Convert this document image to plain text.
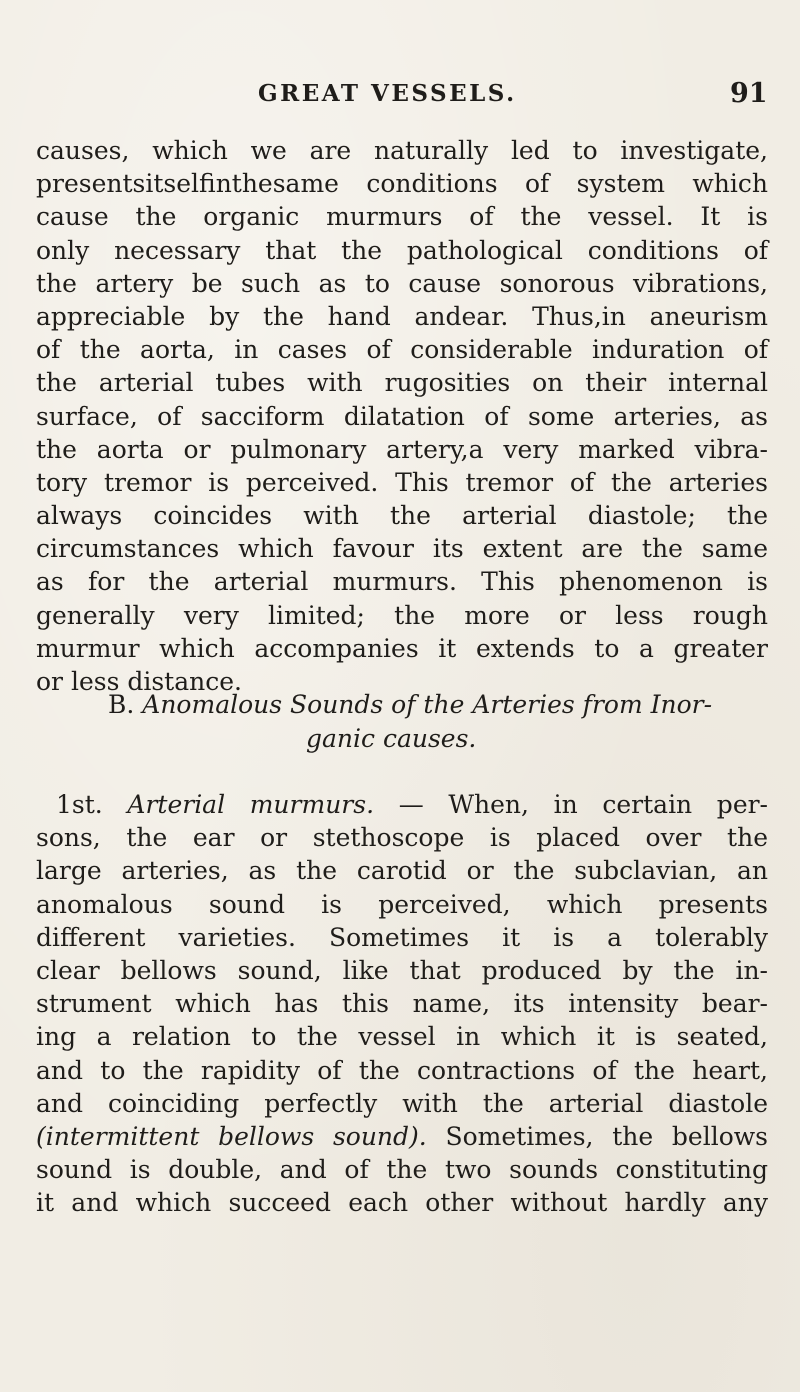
GREAT VESSELS.	91
causes, which we are naturally led to investigate,
presentsitselfinthesame conditions of system which
cause the organic murmurs of the vessel. It is
only necessary that the pathological conditions of
the artery be such as to cause sonorous vibrations,
appreciable by the hand andear. Thus,in aneurism
of the aorta, in cases of considerable induration of
the arterial tubes with rugosities on their internal
surface, of sacciform dilatation of some arteries, as
the aorta or pulmonary artery,a very marked vibra-
tory tremor is perceived. This tremor of the arteries
always coincides with the arterial diastole; the
circumstances which favour its extent are the same
as for the arterial murmurs. This phenomenon is
generally very limited; the more or less rough
murmur which accompanies it extends to a greater
or less distance.
B. Anomalous Sounds of the Arteries from Inor-
ganic causes.
1st. Arterial murmurs. — When, in certain per-
sons, the ear or stethoscope is placed over the
large arteries, as the carotid or the subclavian, an
anomalous sound is perceived, which presents
different varieties. Sometimes it is a tolerably
clear bellows sound, like that produced by the in-
strument which has this name, its intensity bear-
ing a relation to the vessel in which it is seated,
and to the rapidity of the contractions of the heart,
and coinciding perfectly with the arterial diastole
(intermittent bellows sound). Sometimes, the bellows
sound is double, and of the two sounds constituting
it and which succeed each other without hardly any
